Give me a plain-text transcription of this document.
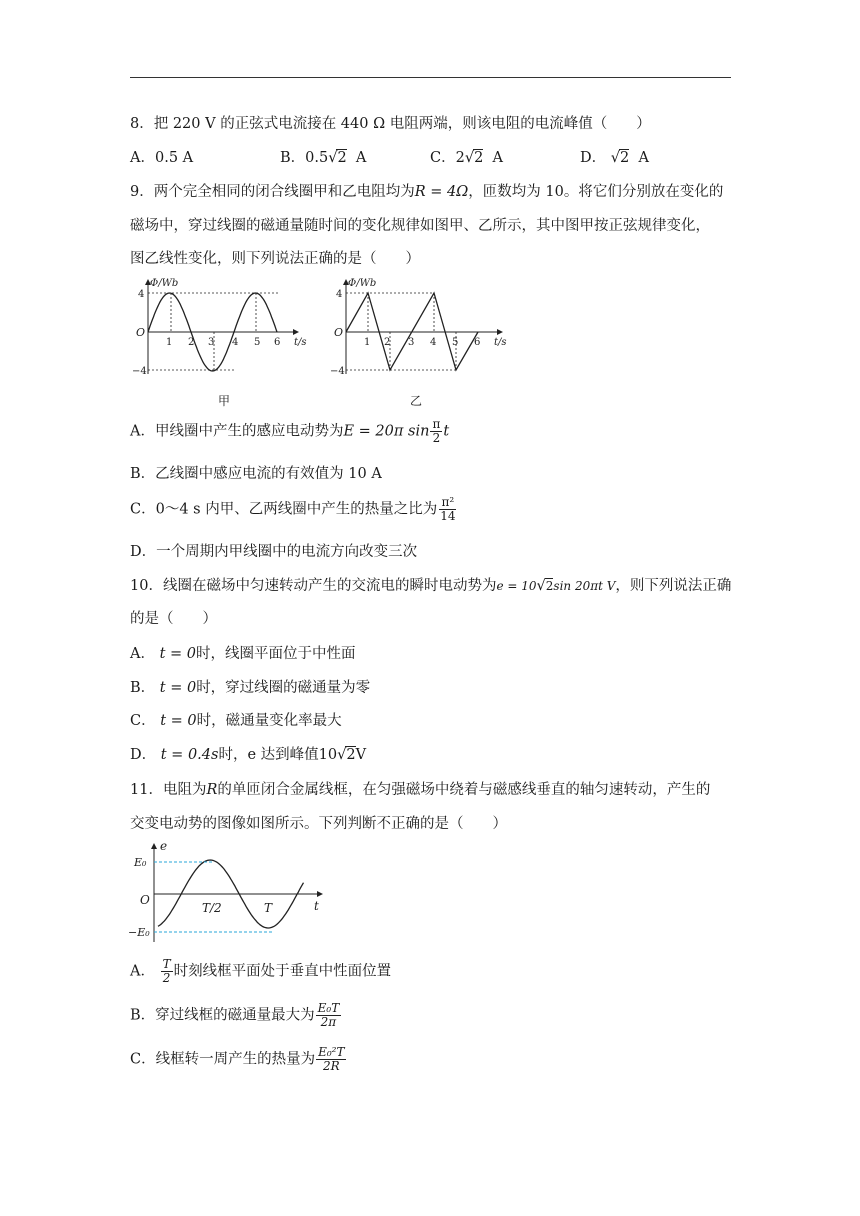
8．把 220 V 的正弦式电流接在 440 Ω 电阻两端，则该电阻的电流峰值（　　）
A．0.5 A	B．0.5√2 A	C．2√2 A	D． √2 A
9．两个完全相同的闭合线圈甲和乙电阻均为R = 4Ω，匝数均为 10。将它们分别放在变化的
磁场中，穿过线圈的磁通量随时间的变化规律如图甲、乙所示，其中图甲按正弦规律变化，
图乙线性变化，则下列说法正确的是（　　）
Φ/Wb
4
−4
O
1 2 3 4 5 6 t/s
甲
Φ/Wb
4
−4
O
1 2 3 4 5 6 t/s
乙
A．甲线圈中产生的感应电动势为E = 20π $\sin \frac{\pi}{2}$ t
B．乙线圈中感应电流的有效值为 10 A
C．0～4 s 内甲、乙两线圈中产生的热量之比为 $\frac{\text{π²}}{14}$
D．一个周期内甲线圈中的电流方向改变三次
10．线圈在磁场中匀速转动产生的交流电的瞬时电动势为e = 10√2sin 20πt V，则下列说法正确
的是（　　）
A． t = 0时，线圈平面位于中性面
B． t = 0时，穿过线圈的磁通量为零
C． t = 0时，磁通量变化率最大
D． t = 0.4s时，e 达到峰值10√2V
11．电阻为R的单匝闭合金属线框，在匀强磁场中绕着与磁感线垂直的轴匀速转动，产生的
交变电动势的图像如图所示。下列判断不正确的是（　　）
e
E₀
−E₀
O
T/2	T	t
A． $\frac{T}{2}$ 时刻线框平面处于垂直中性面位置
B．穿过线框的磁通量最大为 $\frac{\text{E₀T}}{2\pi}$
C．线框转一周产生的热量为 $\frac{\text{E₀²T}}{2R}$
